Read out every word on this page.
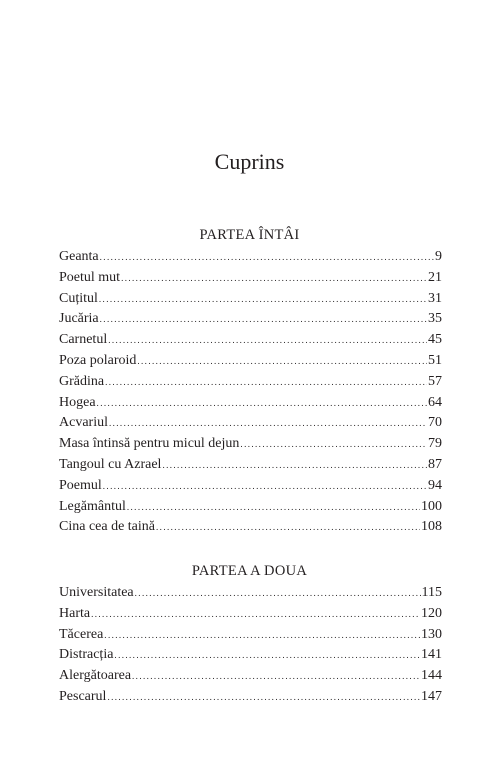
Cuprins
PARTEA ÎNTÂI
Geanta .....	9
Poetul mut .....	21
Cuțitul .....	31
Jucăria .....	35
Carnetul .....	45
Poza polaroid .....	51
Grădina .....	57
Hogea .....	64
Acvariul .....	70
Masa întinsă pentru micul dejun .....	79
Tangoul cu Azrael .....	87
Poemul .....	94
Legământul .....	100
Cina cea de taină .....	108
PARTEA A DOUA
Universitatea .....	115
Harta .....	120
Tăcerea .....	130
Distracția .....	141
Alergătoarea .....	144
Pescarul .....	147
